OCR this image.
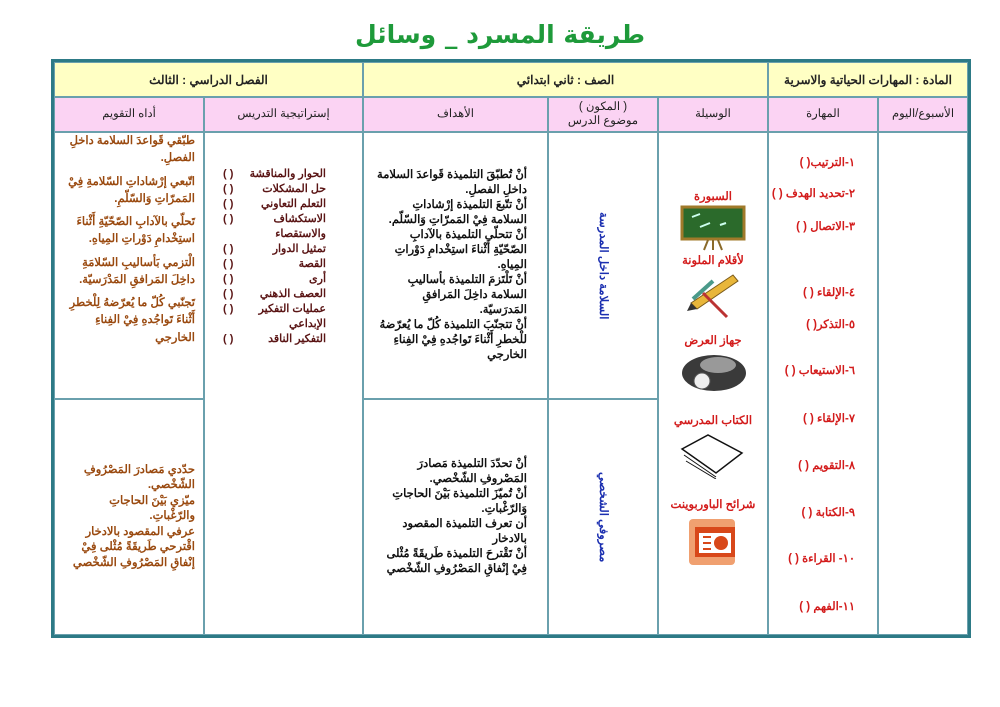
طريقة المسرد _ وسائل
المادة : المهارات الحياتية والاسرية
الصف : ثاني ابتدائي
الفصل الدراسي : الثالث
الأسبوع/اليوم
المهارة
الوسيلة
( المكون ) موضوع الدرس
الأهداف
إستراتيجية التدريس
أداه التقويم
١-الترتيب( )
٢-تحديد الهدف ( )
٣-الاتصال ( )
٤-الإلقاء ( )
٥-التذكر( )
٦-الاستيعاب ( )
٧-الإلقاء ( )
٨-التقويم ( )
٩-الكتابة ( )
١٠- القراءة ( )
١١-الفهم ( )
السبورة
لأقلام الملونة
جهاز العرض
الكتاب المدرسي
شرائح الباوربوينت
السلامة داخل المدرسة
مصروفي الشخصي
أنْ تُطبّقَ التلميذة قَواعدَ السلامة داخلِ الفصلِ.
أنْ تتّبعَ التلميذة إرْشاداتِ السلامة فِيْ المَمرّاتِ وَالسّلّم.
أنْ تتحلّى التلميذة بالآدابِ الصّحّيّةِ أَثْناءَ استِخْدامِ دَوْراتِ المِياهِ.
أنْ تَلْتَزمَ التلميذة بأساليبِ السلامة داخِلَ المَرافقِ المَدرَسيّة.
أنْ تتجنّبَ التلميذة كُلّ ما يُعرّضهُ للْخطرِ أَثْناءَ تَواجُدهِ فِيْ الفِناءِ الخارجي
أنْ تحدّدَ التلميذة مَصادرَ المَصْروفِ الشّخْصي.
أنْ تُميّزَ التلميذة بَيْنَ الحاجاتِ وَالرّغْباتِ.
أن تعرف التلميذة المقصود بالادخار
أنْ تَقْترحَ التلميذة طَريقَةً مُثْلى فِيْ إنْفاقِ المَصْرُوفِ الشّخْصي
الحوار والمناقشة
( )
حل المشكلات
( )
التعلم التعاوني
( )
الاستكشاف
( )
والاستقصاء
تمثيل الدوار
( )
القصة
( )
أرى
( )
العصف الذهني
( )
عمليات التفكير
( )
الإبداعي
التفكير الناقد
( )
طبّقي قَواعدَ السلامة داخلِ الفصلِ.
اتّبعي إرْشاداتِ السّلامةِ فِيْ المَمرّاتِ وَالسّلّمِ.
تَحلّي بالآدابِ الصّحّيّةِ أَثْناءَ استِخْدامِ دَوْراتِ المِياهِ.
الْتزمي بَأساليبِ السّلامَةِ داخِلَ المَرافقِ المَدْرَسيّة.
تَجنّبي كُلّ ما يُعرّضهُ لِلْخطرِ أَثْناءَ تَواجُدهِ فِيْ الفِناءِ الخارجي
حدّدي مَصادرَ المَصْرُوفِ الشّخْصي.
ميّزي بَيْنَ الحاجاتِ والرّغْباتِ.
عرفي المقصود بالادخار
اقْترحي طَريقَةً مُثْلى فِيْ إنْفاقِ المَصْرُوفِ الشّخْصي
